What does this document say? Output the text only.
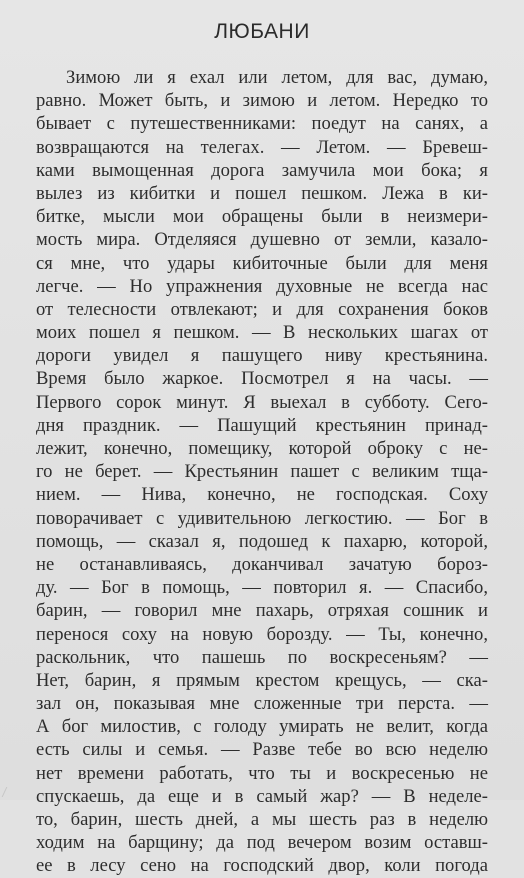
ЛЮБАНИ
Зимою ли я ехал или летом, для вас, думаю,
равно. Может быть, и зимою и летом. Нередко то
бывает с путешественниками: поедут на санях, а
возвращаются на телегах. — Летом. — Бревеш-
ками вымощенная дорога замучила мои бока; я
вылез из кибитки и пошел пешком. Лежа в ки-
битке, мысли мои обращены были в неизмери-
мость мира. Отделяяся душевно от земли, казало-
ся мне, что удары кибиточные были для меня
легче. — Но упражнения духовные не всегда нас
от телесности отвлекают; и для сохранения боков
моих пошел я пешком. — В нескольких шагах от
дороги увидел я пашущего ниву крестьянина.
Время было жаркое. Посмотрел я на часы. —
Первого сорок минут. Я выехал в субботу. Сего-
дня праздник. — Пашущий крестьянин принад-
лежит, конечно, помещику, которой оброку с не-
го не берет. — Крестьянин пашет с великим тща-
нием. — Нива, конечно, не господская. Соху
поворачивает с удивительною легкостию. — Бог в
помощь, — сказал я, подошед к пахарю, которой,
не останавливаясь, доканчивал зачатую бороз-
ду. — Бог в помощь, — повторил я. — Спасибо,
барин, — говорил мне пахарь, отряхая сошник и
перенося соху на новую борозду. — Ты, конечно,
раскольник, что пашешь по воскресеньям? —
Нет, барин, я прямым крестом крещусь, — ска-
зал он, показывая мне сложенные три перста. —
А бог милостив, с голоду умирать не велит, когда
есть силы и семья. — Разве тебе во всю неделю
нет времени работать, что ты и воскресенью не
спускаешь, да еще и в самый жар? — В неделе-
то, барин, шесть дней, а мы шесть раз в неделю
ходим на барщину; да под вечером возим оставш-
ее в лесу сено на господский двор, коли погода
